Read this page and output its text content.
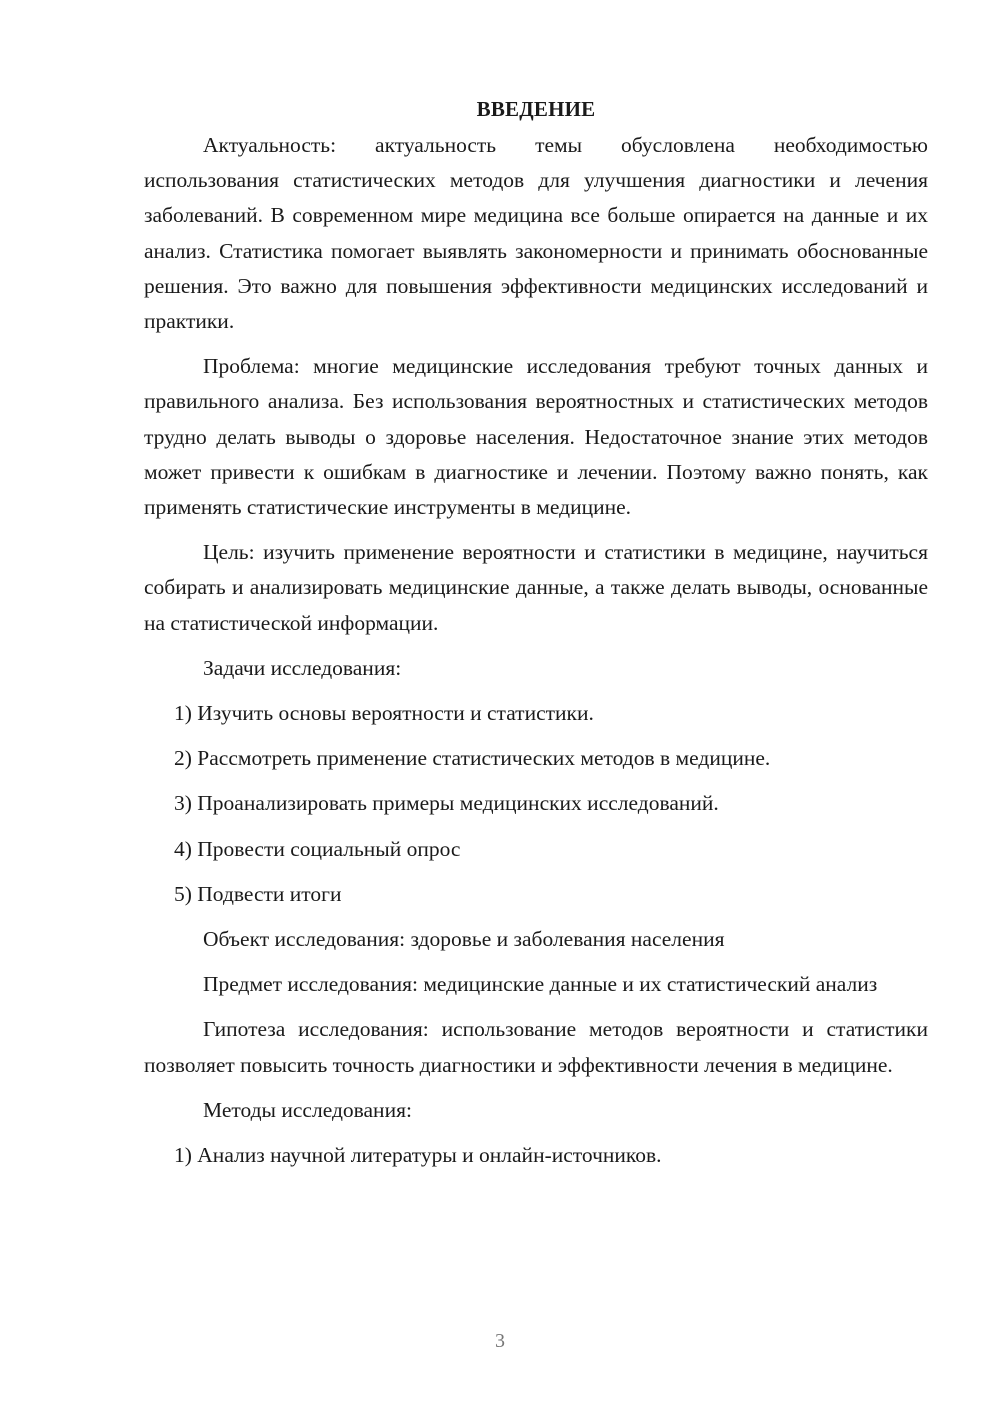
ВВЕДЕНИЕ

Актуальность: актуальность темы обусловлена необходимостью использования статистических методов для улучшения диагностики и лечения заболеваний. В современном мире медицина все больше опирается на данные и их анализ. Статистика помогает выявлять закономерности и принимать обоснованные решения. Это важно для повышения эффективности медицинских исследований и практики.

Проблема: многие медицинские исследования требуют точных данных и правильного анализа. Без использования вероятностных и статистических методов трудно делать выводы о здоровье населения. Недостаточное знание этих методов может привести к ошибкам в диагностике и лечении. Поэтому важно понять, как применять статистические инструменты в медицине.

Цель: изучить применение вероятности и статистики в медицине, научиться собирать и анализировать медицинские данные, а также делать выводы, основанные на статистической информации.

Задачи исследования:

1) Изучить основы вероятности и статистики.
2) Рассмотреть применение статистических методов в медицине.
3) Проанализировать примеры медицинских исследований.
4) Провести социальный опрос
5) Подвести итоги

Объект исследования: здоровье и заболевания населения

Предмет исследования: медицинские данные и их статистический анализ

Гипотеза исследования: использование методов вероятности и статистики позволяет повысить точность диагностики и эффективности лечения в медицине.

Методы исследования:

1) Анализ научной литературы и онлайн-источников.
3
